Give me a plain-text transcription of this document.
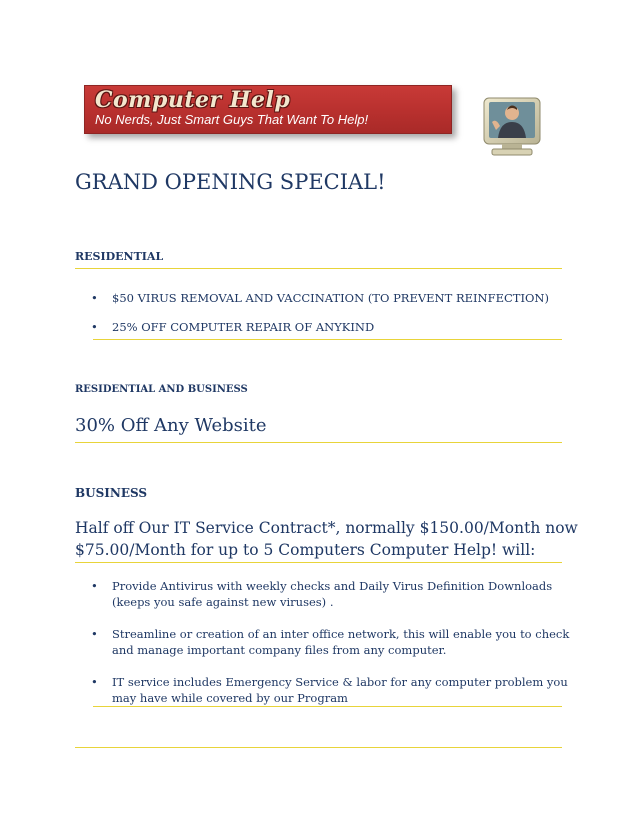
Computer Help
No Nerds, Just Smart Guys That Want To Help!
GRAND OPENING SPECIAL!
RESIDENTIAL
• $50 VIRUS REMOVAL AND VACCINATION (TO PREVENT REINFECTION)
• 25% OFF COMPUTER REPAIR OF ANYKIND
RESIDENTIAL AND BUSINESS
30% Off Any Website
BUSINESS
Half off Our IT Service Contract*, normally $150.00/Month now
$75.00/Month for up to 5 Computers Computer Help! will:
• Provide Antivirus with weekly checks and Daily Virus Definition Downloads
(keeps you safe against new viruses) .
• Streamline or creation of an inter office network, this will enable you to check
and manage important company files from any computer.
• IT service includes Emergency Service & labor for any computer problem you
may have while covered by our Program
